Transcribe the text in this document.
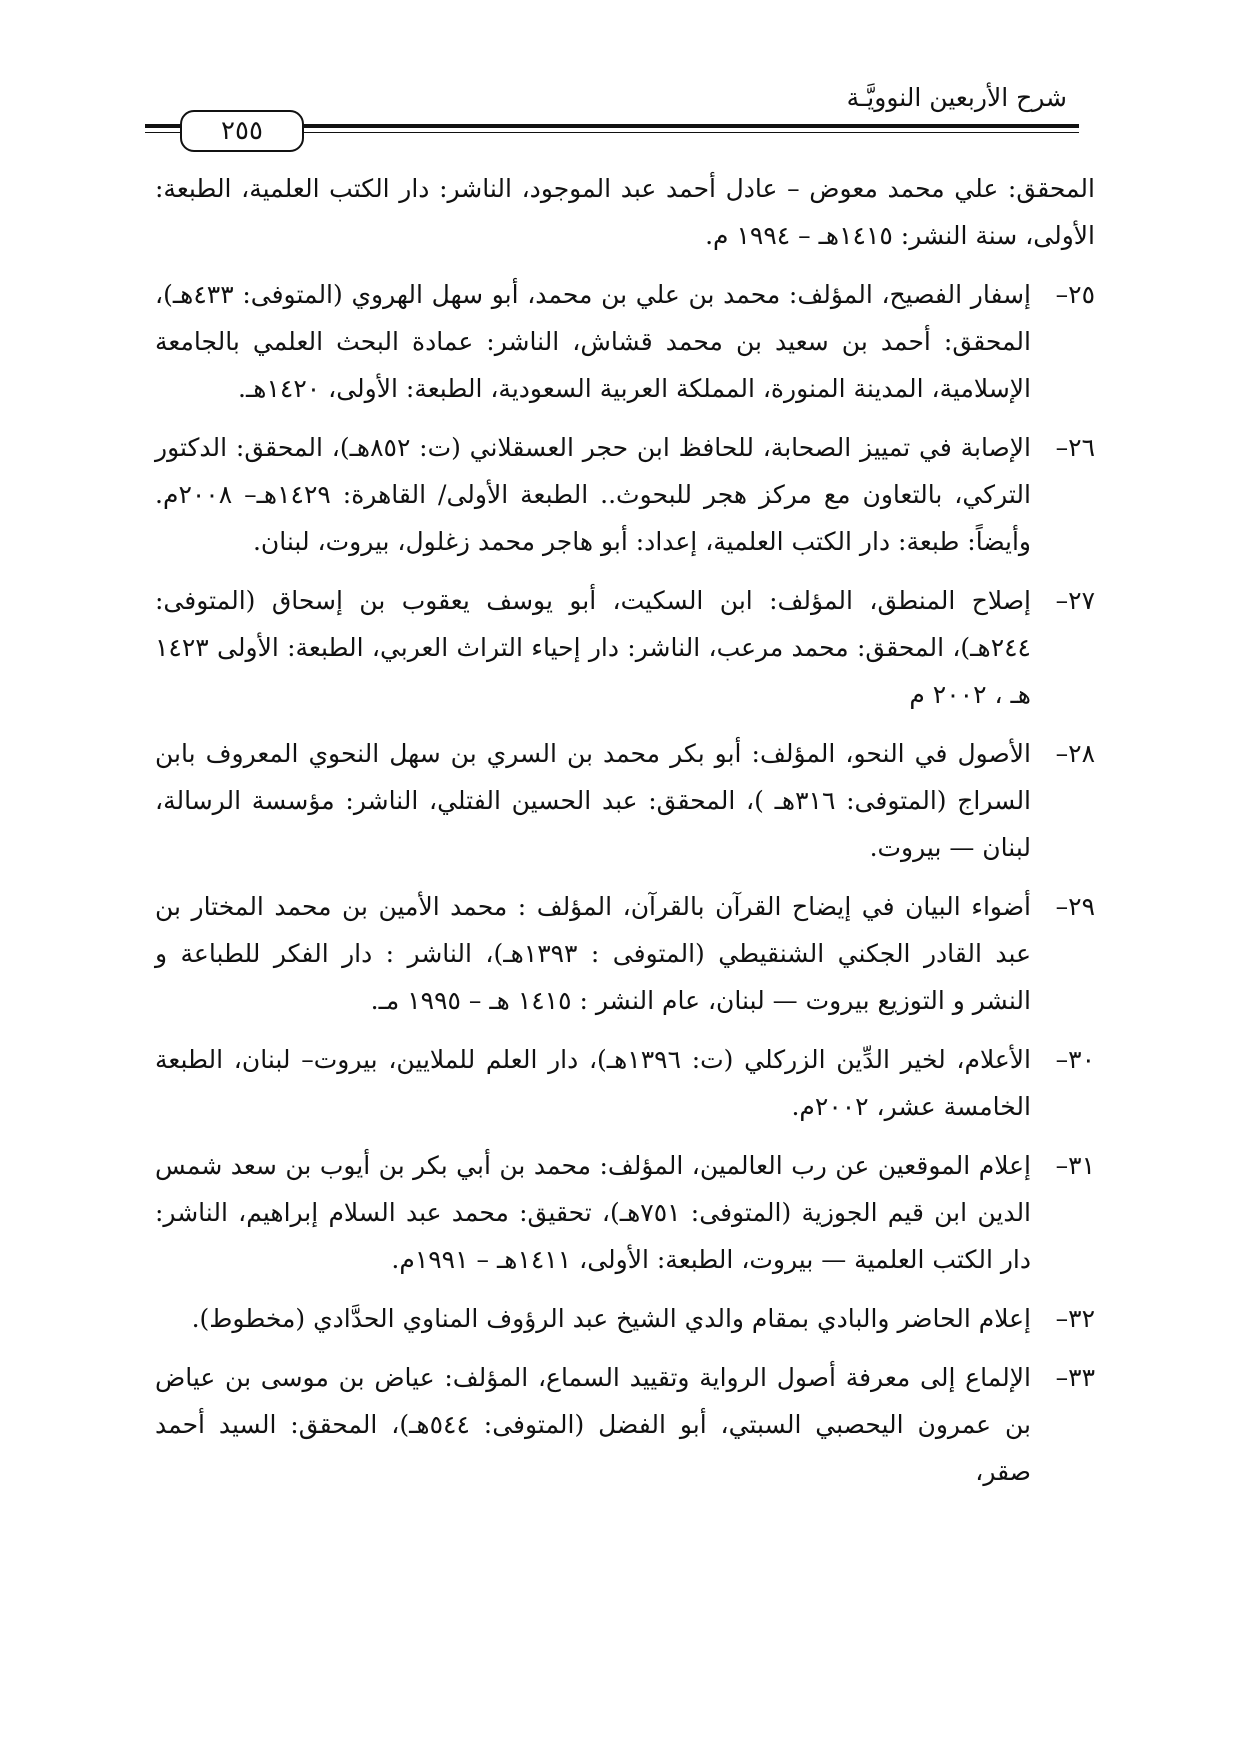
شرح الأربعين النوويَّـة
٢٥٥

المحقق: علي محمد معوض – عادل أحمد عبد الموجود، الناشر: دار الكتب العلمية، الطبعة: الأولى، سنة النشر: ١٤١٥هـ – ١٩٩٤ م.

٢٥–
إسفار الفصيح، المؤلف: محمد بن علي بن محمد، أبو سهل الهروي (المتوفى: ٤٣٣هـ)، المحقق: أحمد بن سعيد بن محمد قشاش، الناشر: عمادة البحث العلمي بالجامعة الإسلامية، المدينة المنورة، المملكة العربية السعودية، الطبعة: الأولى، ١٤٢٠هـ.
٢٦–
الإصابة في تمييز الصحابة، للحافظ ابن حجر العسقلاني (ت: ٨٥٢هـ)، المحقق: الدكتور التركي، بالتعاون مع مركز هجر للبحوث.. الطبعة الأولى/ القاهرة: ١٤٢٩هـ– ٢٠٠٨م. وأيضاً: طبعة: دار الكتب العلمية، إعداد: أبو هاجر محمد زغلول، بيروت، لبنان.
٢٧–
إصلاح المنطق، المؤلف: ابن السكيت، أبو يوسف يعقوب بن إسحاق (المتوفى: ٢٤٤هـ)، المحقق: محمد مرعب، الناشر: دار إحياء التراث العربي، الطبعة: الأولى ١٤٢٣ هـ ، ٢٠٠٢ م
٢٨–
الأصول في النحو، المؤلف: أبو بكر محمد بن السري بن سهل النحوي المعروف بابن السراج (المتوفى: ٣١٦هـ )، المحقق: عبد الحسين الفتلي، الناشر: مؤسسة الرسالة، لبنان — بيروت.
٢٩–
أضواء البيان في إيضاح القرآن بالقرآن، المؤلف : محمد الأمين بن محمد المختار بن عبد القادر الجكني الشنقيطي (المتوفى : ١٣٩٣هـ)، الناشر : دار الفكر للطباعة و النشر و التوزيع بيروت — لبنان، عام النشر : ١٤١٥ هـ – ١٩٩٥ مـ.
٣٠–
الأعلام، لخير الدِّين الزركلي (ت: ١٣٩٦هـ)، دار العلم للملايين، بيروت– لبنان، الطبعة الخامسة عشر، ٢٠٠٢م.
٣١–
إعلام الموقعين عن رب العالمين، المؤلف: محمد بن أبي بكر بن أيوب بن سعد شمس الدين ابن قيم الجوزية (المتوفى: ٧٥١هـ)، تحقيق: محمد عبد السلام إبراهيم، الناشر: دار الكتب العلمية — بيروت، الطبعة: الأولى، ١٤١١هـ – ١٩٩١م.
٣٢–
إعلام الحاضر والبادي بمقام والدي الشيخ عبد الرؤوف المناوي الحدَّادي (مخطوط).
٣٣–
الإلماع إلى معرفة أصول الرواية وتقييد السماع، المؤلف: عياض بن موسى بن عياض بن عمرون اليحصبي السبتي، أبو الفضل (المتوفى: ٥٤٤هـ)، المحقق: السيد أحمد صقر،
